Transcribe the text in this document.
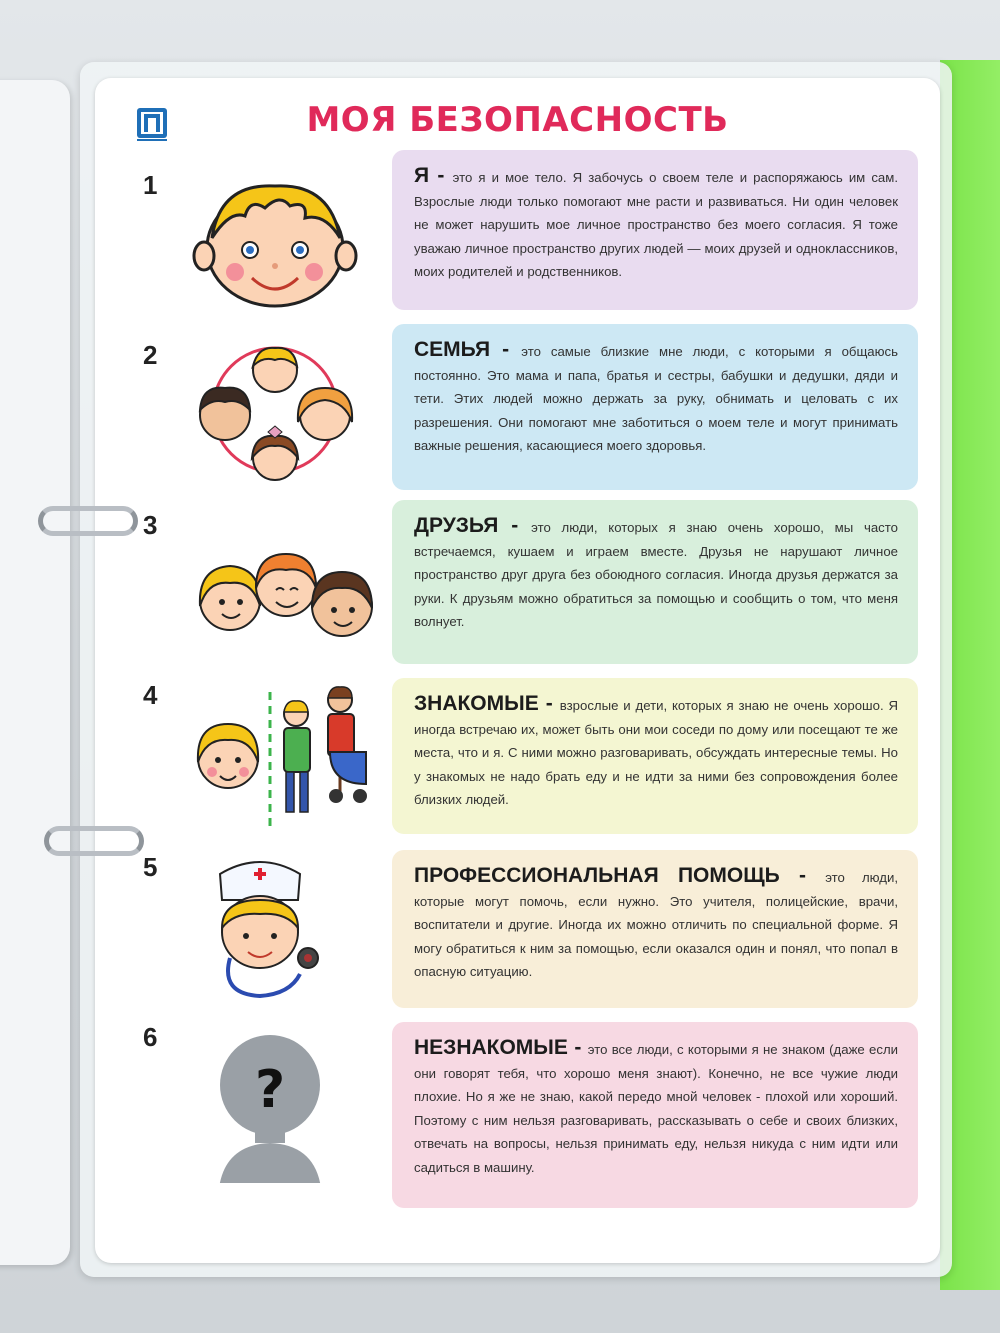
МОЯ БЕЗОПАСНОСТЬ
1	Я - это я и мое тело. Я забочусь о своем теле и распоряжаюсь им сам. Взрослые люди только помогают мне расти и развиваться. Ни один человек не может нарушить мое личное пространство без моего согласия. Я тоже уважаю личное пространство других людей — моих друзей и одноклассников, моих родителей и родственников.
2	СЕМЬЯ - это самые близкие мне люди, с которыми я общаюсь постоянно. Это мама и папа, братья и сестры, бабушки и дедушки, дяди и тети. Этих людей можно держать за руку, обнимать и целовать с их разрешения. Они помогают мне заботиться о моем теле и могут принимать важные решения, касающиеся моего здоровья.
3	ДРУЗЬЯ - это люди, которых я знаю очень хорошо, мы часто встречаемся, кушаем и играем вместе. Друзья не нарушают личное пространство друг друга без обоюдного согласия. Иногда друзья держатся за руки. К друзьям можно обратиться за помощью и сообщить о том, что меня волнует.
4	ЗНАКОМЫЕ - взрослые и дети, которых я знаю не очень хорошо. Я иногда встречаю их, может быть они мои соседи по дому или посещают те же места, что и я. С ними можно разговаривать, обсуждать интересные темы. Но у знакомых не надо брать еду и не идти за ними без сопровождения более близких людей.
5	ПРОФЕССИОНАЛЬНАЯ ПОМОЩЬ - это люди, которые могут помочь, если нужно. Это учителя, полицейские, врачи, воспитатели и другие. Иногда их можно отличить по специальной форме. Я могу обратиться к ним за помощью, если оказался один и понял, что попал в опасную ситуацию.
6
?
НЕЗНАКОМЫЕ - это все люди, с которыми я не знаком (даже если они говорят тебя, что хорошо меня знают). Конечно, не все чужие люди плохие. Но я же не знаю, какой передо мной человек - плохой или хороший. Поэтому с ним нельзя разговаривать, рассказывать о себе и своих близких, отвечать на вопросы, нельзя принимать еду, нельзя никуда с ним идти или садиться в машину.
